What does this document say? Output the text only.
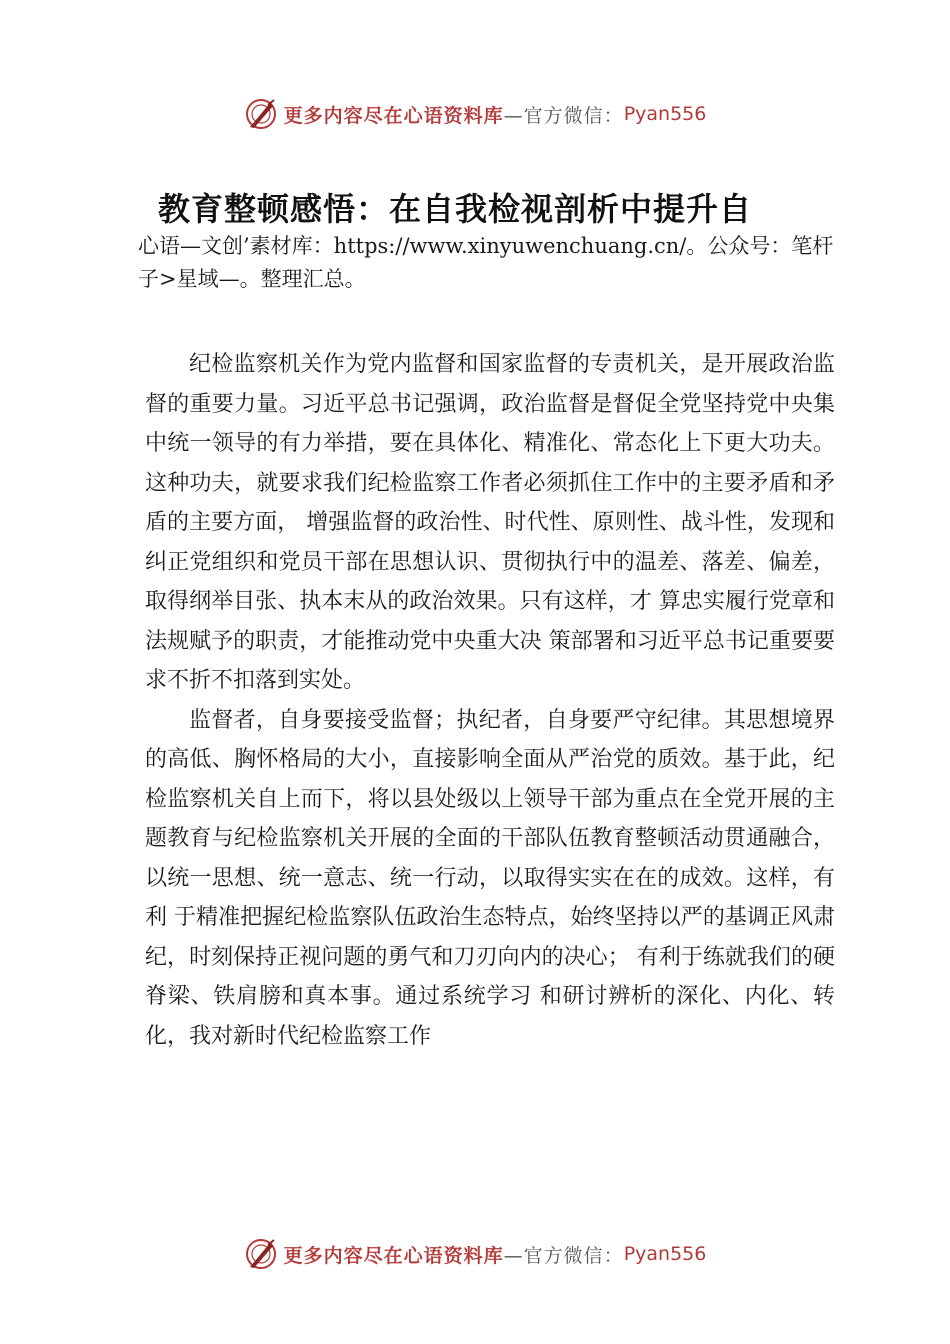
更多内容尽在心语资料库 —官方微信： Pyan556
教育整顿感悟：在自我检视剖析中提升自
心语—文创’素材库：https://www.xinyuwenchuang.cn/。公众号：笔杆子>星域—。整理汇总。

纪检监察机关作为党内监督和国家监督的专责机关，是开展政治监督的重要力量。习近平总书记强调，政治监督是督促全党坚持党中央集中统一领导的有力举措，要在具体化、精准化、常态化上下更大功夫。这种功夫，就要求我们纪检监察工作者必须抓住工作中的主要矛盾和矛盾的主要方面， 增强监督的政治性、时代性、原则性、战斗性，发现和纠正党组织和党员干部在思想认识、贯彻执行中的温差、落差、偏差，取得纲举目张、执本末从的政治效果。只有这样，才 算忠实履行党章和法规赋予的职责，才能推动党中央重大决 策部署和习近平总书记重要要求不折不扣落到实处。

监督者，自身要接受监督；执纪者，自身要严守纪律。其思想境界的高低、胸怀格局的大小，直接影响全面从严治党的质效。基于此，纪检监察机关自上而下，将以县处级以上领导干部为重点在全党开展的主题教育与纪检监察机关开展的全面的干部队伍教育整顿活动贯通融合，以统一思想、统一意志、统一行动，以取得实实在在的成效。这样，有利 于精准把握纪检监察队伍政治生态特点，始终坚持以严的基调正风肃纪，时刻保持正视问题的勇气和刀刃向内的决心； 有利于练就我们的硬脊梁、铁肩膀和真本事。通过系统学习 和研讨辨析的深化、内化、转化，我对新时代纪检监察工作

更多内容尽在心语资料库 —官方微信： Pyan556
